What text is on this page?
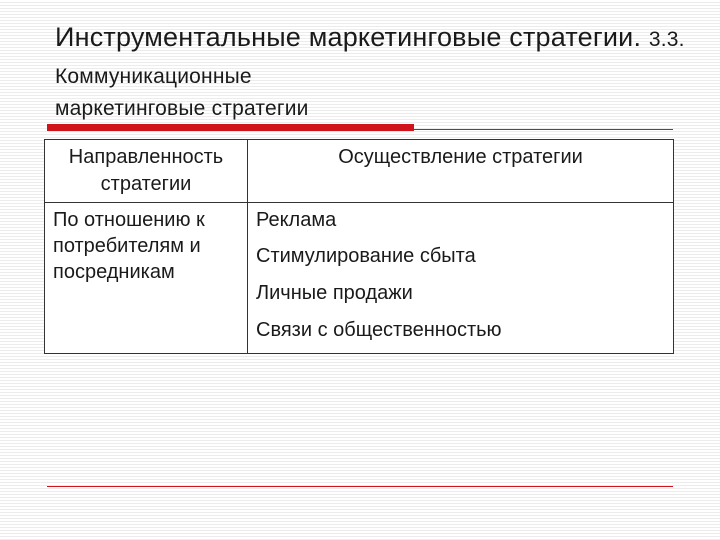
Инструментальные маркетинговые стратегии. 3.3. Коммуникационные
маркетинговые стратегии
Направленность стратегии	Осуществление стратегии
По отношению к потребителям и посредникам	Реклама
Стимулирование сбыта
Личные продажи
Связи с общественностью
